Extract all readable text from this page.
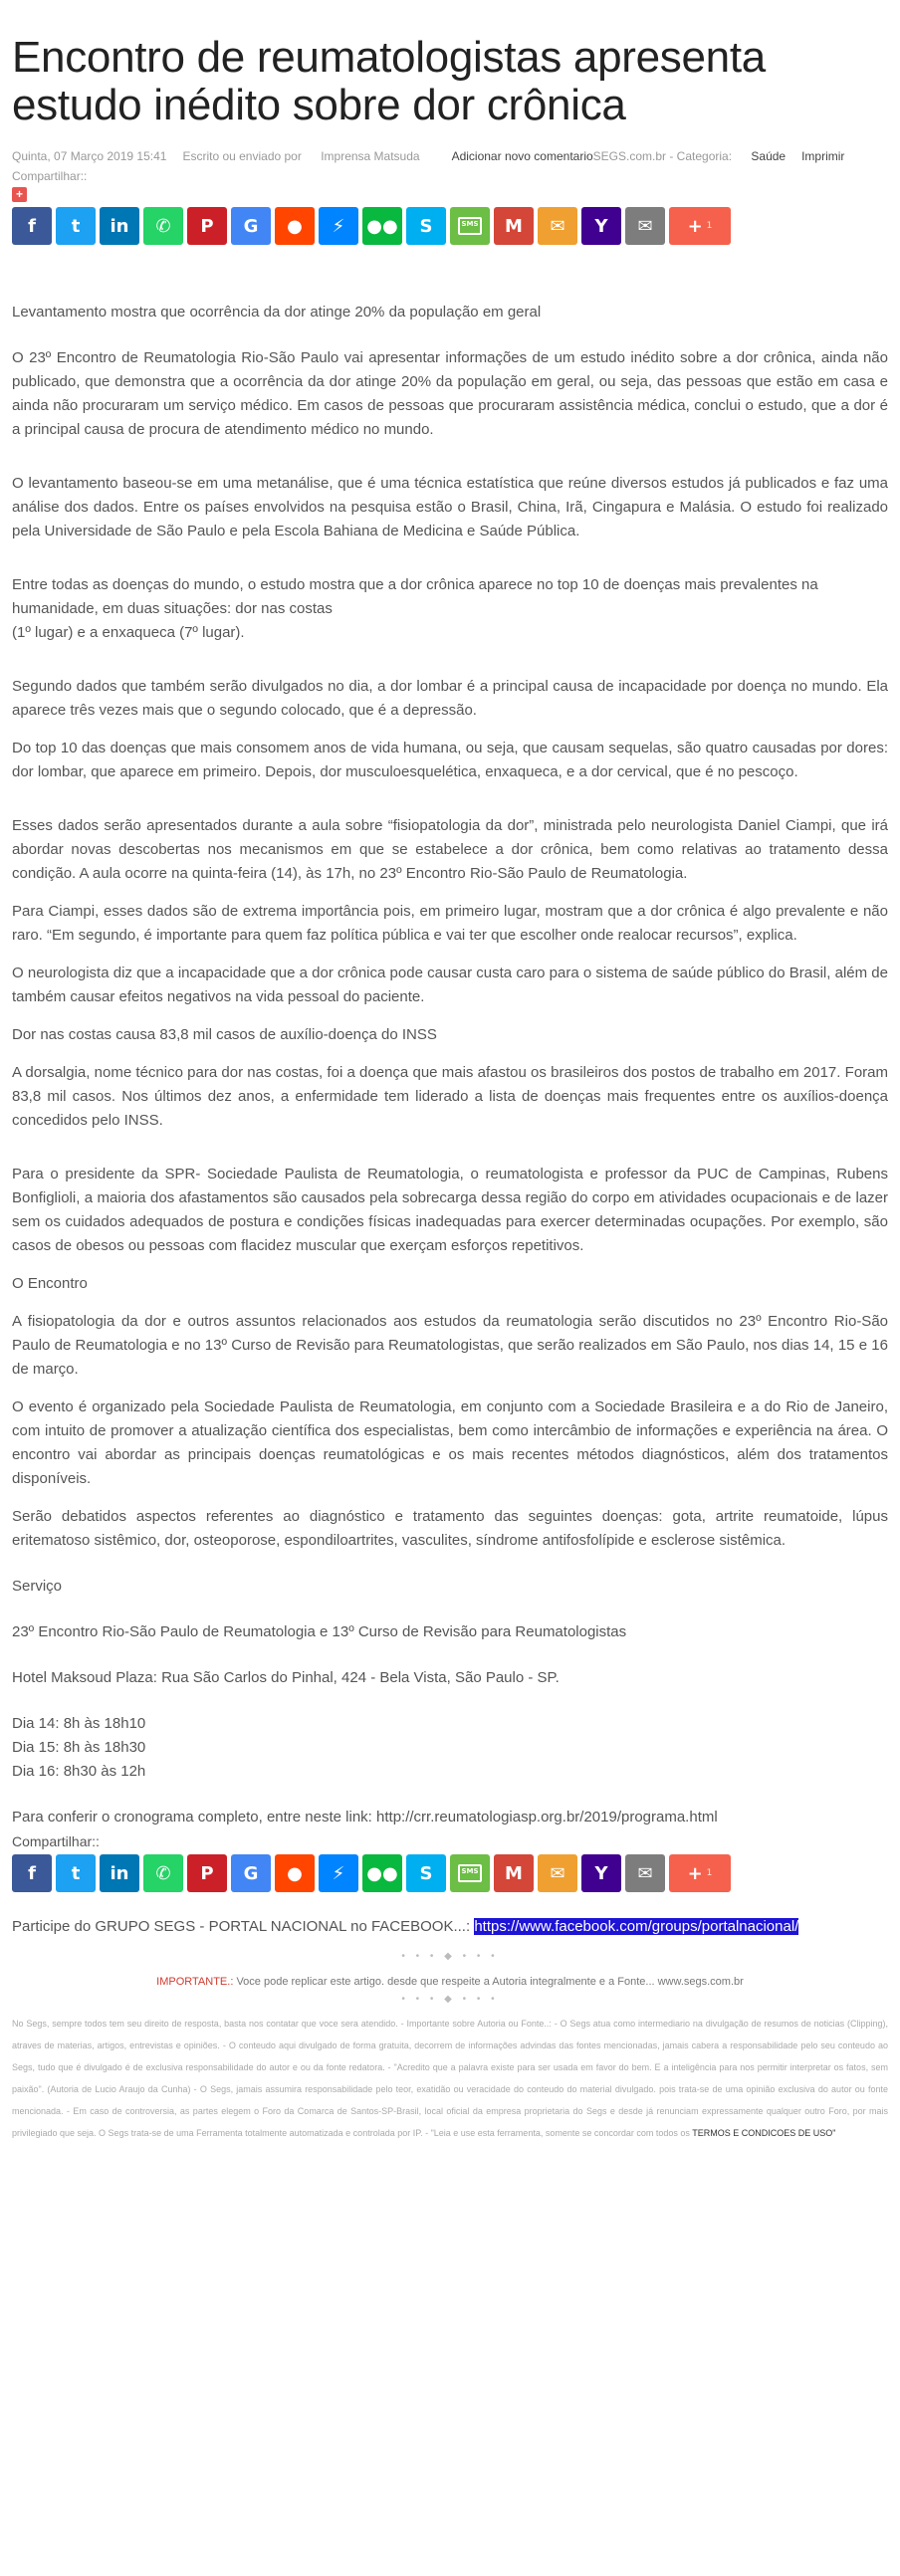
Encontro de reumatologistas apresenta estudo inédito sobre dor crônica
Quinta, 07 Março 2019 15:41 Escrito ou enviado por Imprensa Matsuda	Adicionar novo comentario SEGS.com.br - Categoria: Saúde Imprimir
Compartilhar::
+
f t in ✆ P G ● ⚡ ●● S	SMS M ✉ Y ✉ + 1

Levantamento mostra que ocorrência da dor atinge 20% da população em geral

O 23º Encontro de Reumatologia Rio-São Paulo vai apresentar informações de um estudo inédito sobre a dor crônica, ainda não publicado, que demonstra que a ocorrência da dor atinge 20% da população em geral, ou seja, das pessoas que estão em casa e ainda não procuraram um serviço médico. Em casos de pessoas que procuraram assistência médica, conclui o estudo, que a dor é a principal causa de procura de atendimento médico no mundo.

O levantamento baseou-se em uma metanálise, que é uma técnica estatística que reúne diversos estudos já publicados e faz uma análise dos dados. Entre os países envolvidos na pesquisa estão o Brasil, China, Irã, Cingapura e Malásia. O estudo foi realizado pela Universidade de São Paulo e pela Escola Bahiana de Medicina e Saúde Pública.

Entre todas as doenças do mundo, o estudo mostra que a dor crônica aparece no top 10 de doenças mais prevalentes na humanidade, em duas situações: dor nas costas

(1º lugar) e a enxaqueca (7º lugar).

Segundo dados que também serão divulgados no dia, a dor lombar é a principal causa de incapacidade por doença no mundo. Ela aparece três vezes mais que o segundo colocado, que é a depressão.

Do top 10 das doenças que mais consomem anos de vida humana, ou seja, que causam sequelas, são quatro causadas por dores: dor lombar, que aparece em primeiro. Depois, dor musculoesquelética, enxaqueca, e a dor cervical, que é no pescoço.

Esses dados serão apresentados durante a aula sobre “fisiopatologia da dor”, ministrada pelo neurologista Daniel Ciampi, que irá abordar novas descobertas nos mecanismos em que se estabelece a dor crônica, bem como relativas ao tratamento dessa condição. A aula ocorre na quinta-feira (14), às 17h, no 23º Encontro Rio-São Paulo de Reumatologia.

Para Ciampi, esses dados são de extrema importância pois, em primeiro lugar, mostram que a dor crônica é algo prevalente e não raro. “Em segundo, é importante para quem faz política pública e vai ter que escolher onde realocar recursos”, explica.

O neurologista diz que a incapacidade que a dor crônica pode causar custa caro para o sistema de saúde público do Brasil, além de também causar efeitos negativos na vida pessoal do paciente.

Dor nas costas causa 83,8 mil casos de auxílio-doença do INSS

A dorsalgia, nome técnico para dor nas costas, foi a doença que mais afastou os brasileiros dos postos de trabalho em 2017. Foram 83,8 mil casos. Nos últimos dez anos, a enfermidade tem liderado a lista de doenças mais frequentes entre os auxílios-doença concedidos pelo INSS.

Para o presidente da SPR- Sociedade Paulista de Reumatologia, o reumatologista e professor da PUC de Campinas, Rubens Bonfiglioli, a maioria dos afastamentos são causados pela sobrecarga dessa região do corpo em atividades ocupacionais e de lazer sem os cuidados adequados de postura e condições físicas inadequadas para exercer determinadas ocupações. Por exemplo, são casos de obesos ou pessoas com flacidez muscular que exerçam esforços repetitivos.

O Encontro

A fisiopatologia da dor e outros assuntos relacionados aos estudos da reumatologia serão discutidos no 23º Encontro Rio-São Paulo de Reumatologia e no 13º Curso de Revisão para Reumatologistas, que serão realizados em São Paulo, nos dias 14, 15 e 16 de março.

O evento é organizado pela Sociedade Paulista de Reumatologia, em conjunto com a Sociedade Brasileira e a do Rio de Janeiro, com intuito de promover a atualização científica dos especialistas, bem como intercâmbio de informações e experiência na área. O encontro vai abordar as principais doenças reumatológicas e os mais recentes métodos diagnósticos, além dos tratamentos disponíveis.

Serão debatidos aspectos referentes ao diagnóstico e tratamento das seguintes doenças: gota, artrite reumatoide, lúpus eritematoso sistêmico, dor, osteoporose, espondiloartrites, vasculites, síndrome antifosfolípide e esclerose sistêmica.

Serviço

23º Encontro Rio-São Paulo de Reumatologia e 13º Curso de Revisão para Reumatologistas

Hotel Maksoud Plaza: Rua São Carlos do Pinhal, 424 - Bela Vista, São Paulo - SP.

Dia 14: 8h às 18h10

Dia 15: 8h às 18h30

Dia 16: 8h30 às 12h

Para conferir o cronograma completo, entre neste link: http://crr.reumatologiasp.org.br/2019/programa.html

Compartilhar::
f t in ✆ P G ● ⚡ ●● S	SMS M ✉ Y ✉ + 1
Participe do GRUPO SEGS - PORTAL NACIONAL no FACEBOOK...: https://www.facebook.com/groups/portalnacional/
• • • ◆ • • •
IMPORTANTE.: Voce pode replicar este artigo. desde que respeite a Autoria integralmente e a Fonte... www.segs.com.br
• • • ◆ • • •
No Segs, sempre todos tem seu direito de resposta, basta nos contatar que voce sera atendido. - Importante sobre Autoria ou Fonte..: - O Segs atua como intermediario na divulgação de resumos de noticias (Clipping), atraves de materias, artigos, entrevistas e opiniões. - O conteudo aqui divulgado de forma gratuita, decorrem de informações advindas das fontes mencionadas, jamais cabera a responsabilidade pelo seu conteudo ao Segs, tudo que é divulgado é de exclusiva responsabilidade do autor e ou da fonte redatora. - "Acredito que a palavra existe para ser usada em favor do bem. E a inteligência para nos permitir interpretar os fatos, sem paixão". (Autoria de Lucio Araujo da Cunha) - O Segs, jamais assumira responsabilidade pelo teor, exatidão ou veracidade do conteudo do material divulgado. pois trata-se de uma opinião exclusiva do autor ou fonte mencionada. - Em caso de controversia, as partes elegem o Foro da Comarca de Santos-SP-Brasil, local oficial da empresa proprietaria do Segs e desde já renunciam expressamente qualquer outro Foro, por mais privilegiado que seja. O Segs trata-se de uma Ferramenta totalmente automatizada e controlada por IP. - "Leia e use esta ferramenta, somente se concordar com todos os TERMOS E CONDICOES DE USO"
